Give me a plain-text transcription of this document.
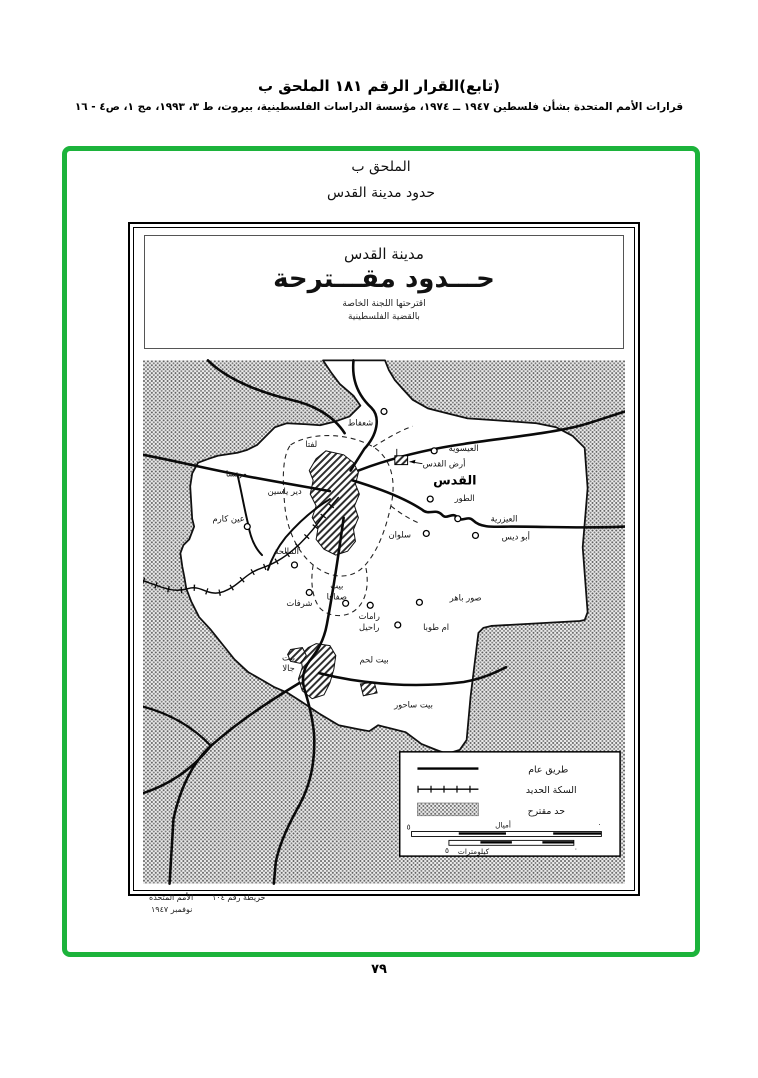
(تابع)القرار الرقم ١٨١ الملحق ب
قرارات الأمم المتحدة بشأن فلسطين ١٩٤٧ ــ ١٩٧٤، مؤسسة الدراسات الفلسطينية، بيروت، ط ٣، ١٩٩٣، مج ١، ص٤ - ١٦
الملحق ب
حدود مدينة القدس
مدينة القدس
حـــدود مقـــترحة
اقترحتها اللجنة الخاصة
بالقضية الفلسطينية
شعفاط
لفتا	العيسوية
أرض القدس
القدس
الطور
العيزرية
أبو ديس
سلوان
موتسا
دير ياسين
عين كارم
المالحة
بيت
صفافا
شرفات
صور باهر
رامات
راحيل	ام طوبا
بيت
جالا
بيت لحم
بيت ساحور
طريق عام
السكة الحديد
حد مقترح
أميال
٥	٠
٥	٠
كيلومترات
خريطة رقم ١٠٤
الأمم المتحدة
نوفمبر ١٩٤٧
٧٩
